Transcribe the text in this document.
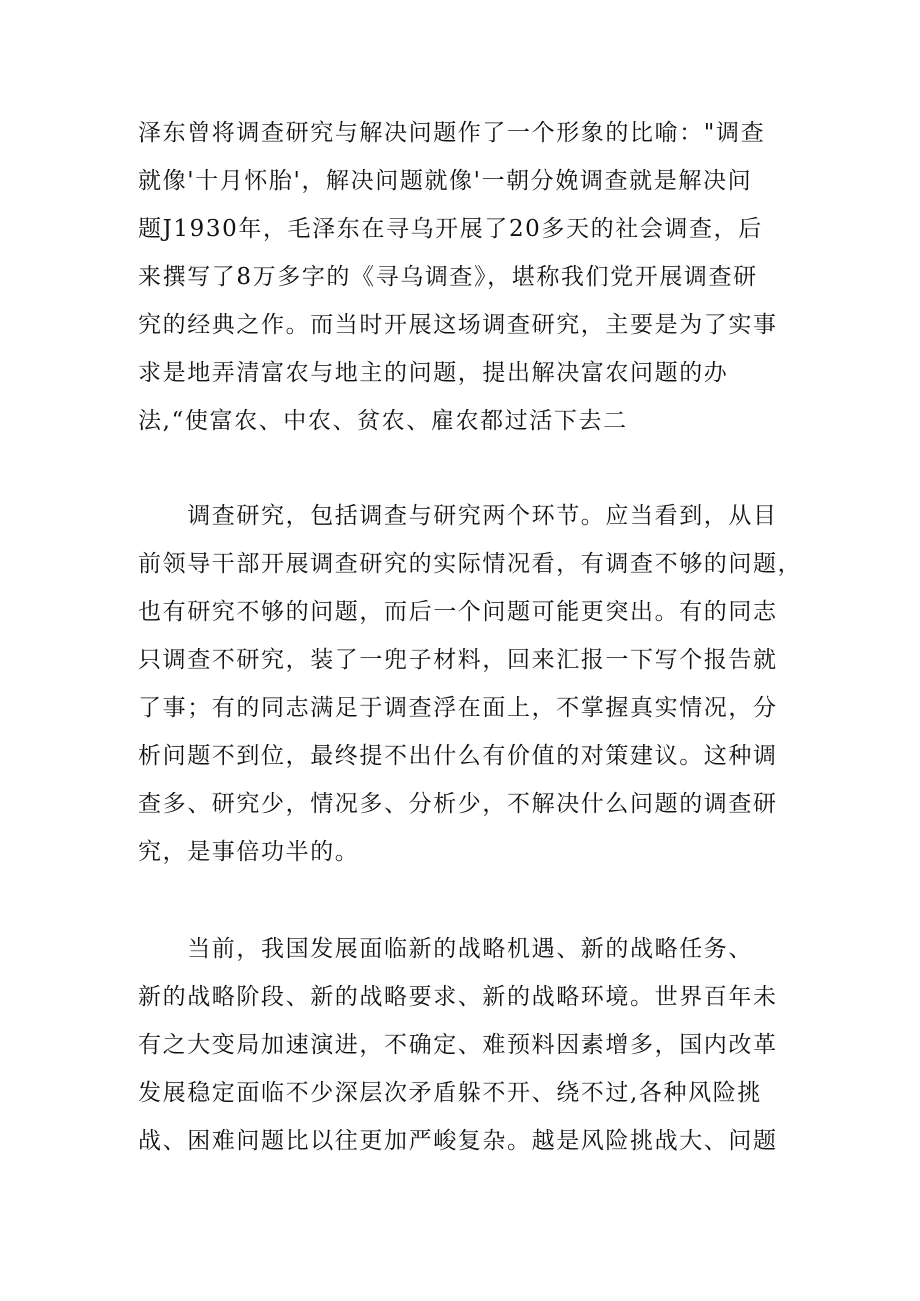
泽东曾将调查研究与解决问题作了一个形象的比喻："调查
就像'十月怀胎'，解决问题就像'一朝分娩调查就是解决问
题J1930年，毛泽东在寻乌开展了20多天的社会调查，后
来撰写了8万多字的《寻乌调查》，堪称我们党开展调查研
究的经典之作。而当时开展这场调查研究，主要是为了实事
求是地弄清富农与地主的问题，提出解决富农问题的办
法,“使富农、中农、贫农、雇农都过活下去二
　　调查研究，包括调查与研究两个环节。应当看到，从目
前领导干部开展调查研究的实际情况看，有调查不够的问题，
也有研究不够的问题，而后一个问题可能更突出。有的同志
只调查不研究，装了一兜子材料，回来汇报一下写个报告就
了事；有的同志满足于调查浮在面上，不掌握真实情况，分
析问题不到位，最终提不出什么有价值的对策建议。这种调
查多、研究少，情况多、分析少，不解决什么问题的调查研
究，是事倍功半的。
　　当前，我国发展面临新的战略机遇、新的战略任务、
新的战略阶段、新的战略要求、新的战略环境。世界百年未
有之大变局加速演进，不确定、难预料因素增多，国内改革
发展稳定面临不少深层次矛盾躲不开、绕不过,各种风险挑
战、困难问题比以往更加严峻复杂。越是风险挑战大、问题
